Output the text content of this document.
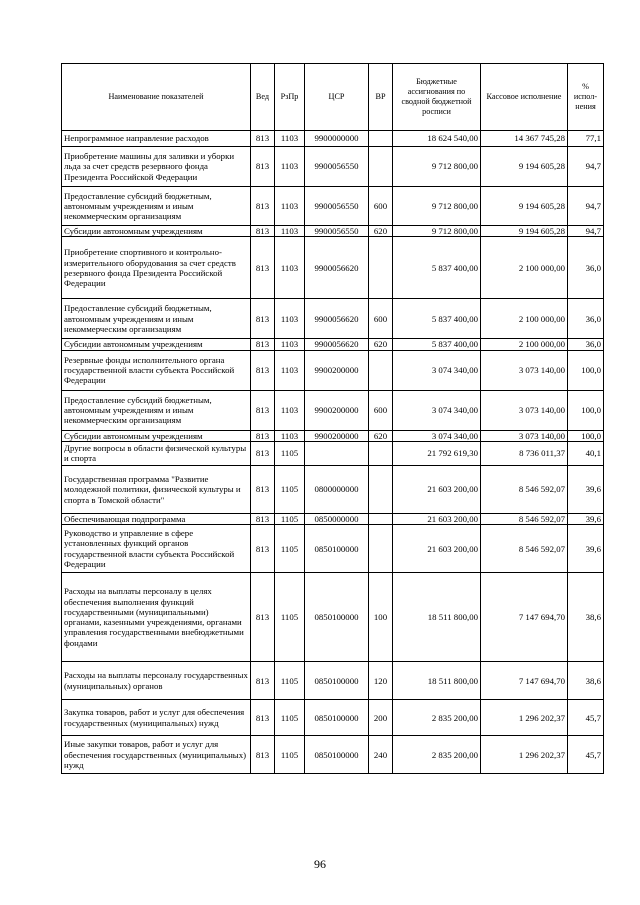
Наименование показателей	Вед	РзПр	ЦСР	ВР	Бюджетные ассигнования по сводной бюджетной росписи	Кассовое исполнение	% испол- нения
Непрограммное направление расходов	813	1103	9900000000		18 624 540,00	14 367 745,28	77,1
Приобретение машины для заливки и уборки льда за счет средств резервного фонда Президента Российской Федерации	813	1103	9900056550		9 712 800,00	9 194 605,28	94,7
Предоставление субсидий бюджетным, автономным учреждениям и иным некоммерческим организациям	813	1103	9900056550	600	9 712 800,00	9 194 605,28	94,7
Субсидии автономным учреждениям	813	1103	9900056550	620	9 712 800,00	9 194 605,28	94,7
Приобретение спортивного и контрольно-измерительного оборудования за счет средств резервного фонда Президента Российской Федерации	813	1103	9900056620		5 837 400,00	2 100 000,00	36,0
Предоставление субсидий бюджетным, автономным учреждениям и иным некоммерческим организациям	813	1103	9900056620	600	5 837 400,00	2 100 000,00	36,0
Субсидии автономным учреждениям	813	1103	9900056620	620	5 837 400,00	2 100 000,00	36,0
Резервные фонды исполнительного органа государственной власти субъекта Российской Федерации	813	1103	9900200000		3 074 340,00	3 073 140,00	100,0
Предоставление субсидий бюджетным, автономным учреждениям и иным некоммерческим организациям	813	1103	9900200000	600	3 074 340,00	3 073 140,00	100,0
Субсидии автономным учреждениям	813	1103	9900200000	620	3 074 340,00	3 073 140,00	100,0
Другие вопросы в области физической культуры и спорта	813	1105			21 792 619,30	8 736 011,37	40,1
Государственная программа "Развитие молодежной политики, физической культуры и спорта в Томской области"	813	1105	0800000000		21 603 200,00	8 546 592,07	39,6
Обеспечивающая подпрограмма	813	1105	0850000000		21 603 200,00	8 546 592,07	39,6
Руководство и управление в сфере установленных функций органов государственной власти субъекта Российской Федерации	813	1105	0850100000		21 603 200,00	8 546 592,07	39,6
Расходы на выплаты персоналу в целях обеспечения выполнения функций государственными (муниципальными) органами, казенными учреждениями, органами управления государственными внебюджетными фондами	813	1105	0850100000	100	18 511 800,00	7 147 694,70	38,6
Расходы на выплаты персоналу государственных (муниципальных) органов	813	1105	0850100000	120	18 511 800,00	7 147 694,70	38,6
Закупка товаров, работ и услуг для обеспечения государственных (муниципальных) нужд	813	1105	0850100000	200	2 835 200,00	1 296 202,37	45,7
Иные закупки товаров, работ и услуг для обеспечения государственных (муниципальных) нужд	813	1105	0850100000	240	2 835 200,00	1 296 202,37	45,7
96
